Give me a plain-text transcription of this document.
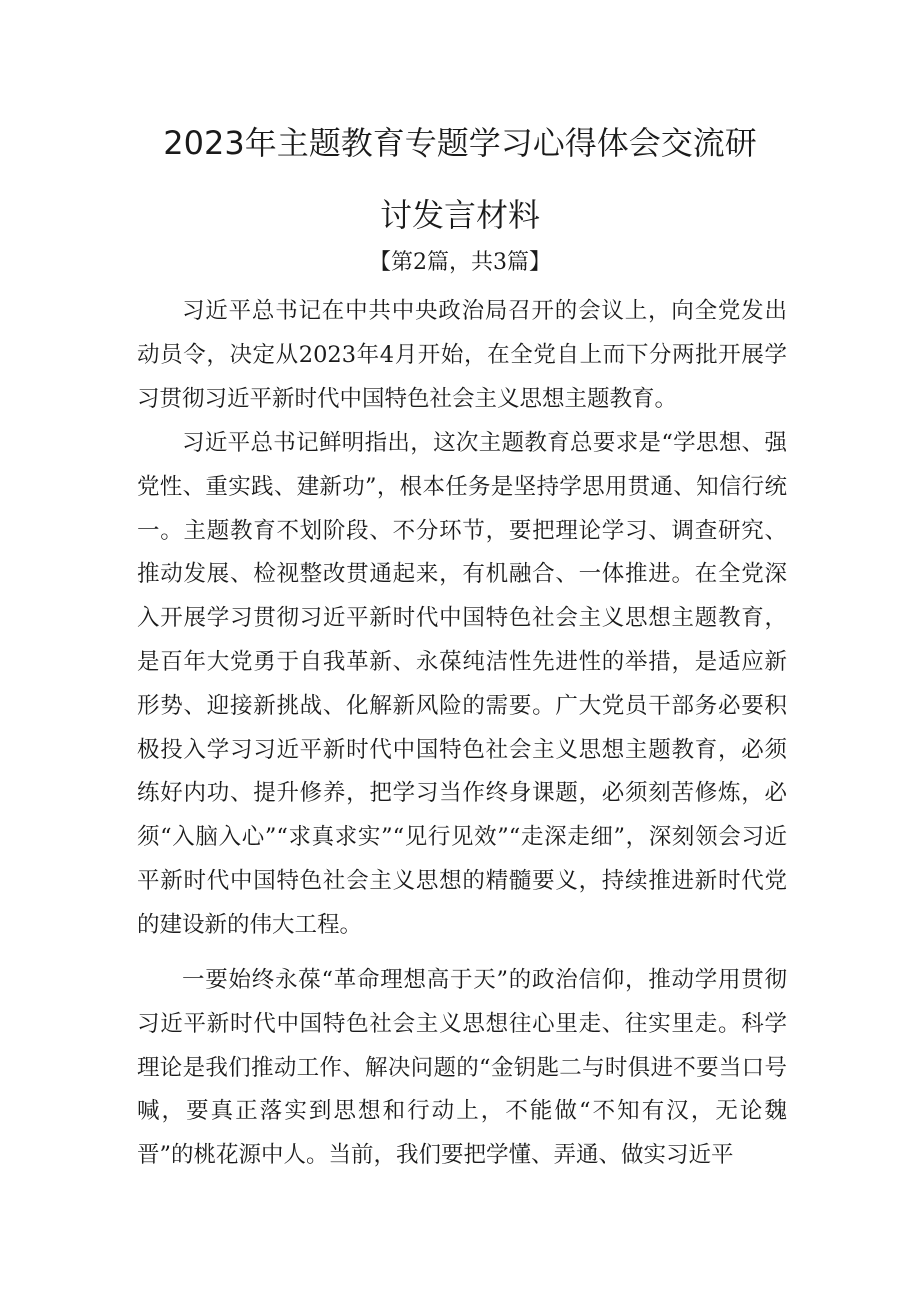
2023年主题教育专题学习心得体会交流研
讨发言材料
【第2篇，共3篇】

习近平总书记在中共中央政治局召开的会议上，向全党发出动员令，决定从2023年4月开始，在全党自上而下分两批开展学习贯彻习近平新时代中国特色社会主义思想主题教育。

习近平总书记鲜明指出，这次主题教育总要求是“学思想、强党性、重实践、建新功”，根本任务是坚持学思用贯通、知信行统一。主题教育不划阶段、不分环节，要把理论学习、调查研究、推动发展、检视整改贯通起来，有机融合、一体推进。在全党深入开展学习贯彻习近平新时代中国特色社会主义思想主题教育，是百年大党勇于自我革新、永葆纯洁性先进性的举措，是适应新形势、迎接新挑战、化解新风险的需要。广大党员干部务必要积极投入学习习近平新时代中国特色社会主义思想主题教育，必须练好内功、提升修养，把学习当作终身课题，必须刻苦修炼，必须“入脑入心”“求真求实”“见行见效”“走深走细”，深刻领会习近平新时代中国特色社会主义思想的精髓要义，持续推进新时代党的建设新的伟大工程。

一要始终永葆“革命理想高于天”的政治信仰，推动学用贯彻习近平新时代中国特色社会主义思想往心里走、往实里走。科学理论是我们推动工作、解决问题的“金钥匙二与时俱进不要当口号喊，要真正落实到思想和行动上，不能做“不知有汉，无论魏晋”的桃花源中人。当前，我们要把学懂、弄通、做实习近平
